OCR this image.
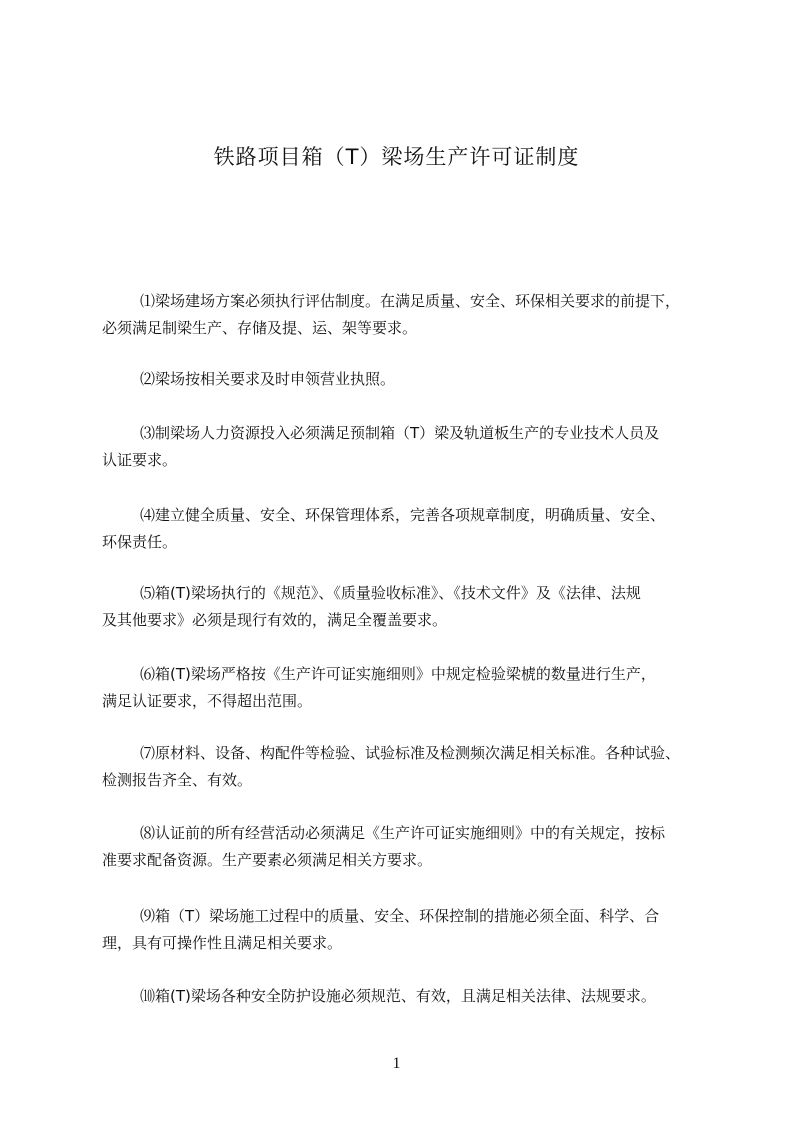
铁路项目箱（T）梁场生产许可证制度

⑴梁场建场方案必须执行评估制度。在满足质量、安全、环保相关要求的前提下，
必须满足制梁生产、存储及提、运、架等要求。

⑵梁场按相关要求及时申领营业执照。

⑶制梁场人力资源投入必须满足预制箱（T）梁及轨道板生产的专业技术人员及
认证要求。

⑷建立健全质量、安全、环保管理体系，完善各项规章制度，明确质量、安全、
环保责任。

⑸箱(T)梁场执行的《规范》、《质量验收标准》、《技术文件》及《法律、法规
及其他要求》必须是现行有效的，满足全覆盖要求。

⑹箱(T)梁场严格按《生产许可证实施细则》中规定检验梁椃的数量进行生产，
满足认证要求，不得超出范围。

⑺原材料、设备、构配件等检验、试验标准及检测频次满足相关标准。各种试验、
检测报告齐全、有效。

⑻认证前的所有经营活动必须满足《生产许可证实施细则》中的有关规定，按标
准要求配备资源。生产要素必须满足相关方要求。

⑼箱（T）梁场施工过程中的质量、安全、环保控制的措施必须全面、科学、合
理，具有可操作性且满足相关要求。

⑽箱(T)梁场各种安全防护设施必须规范、有效，且满足相关法律、法规要求。

1
